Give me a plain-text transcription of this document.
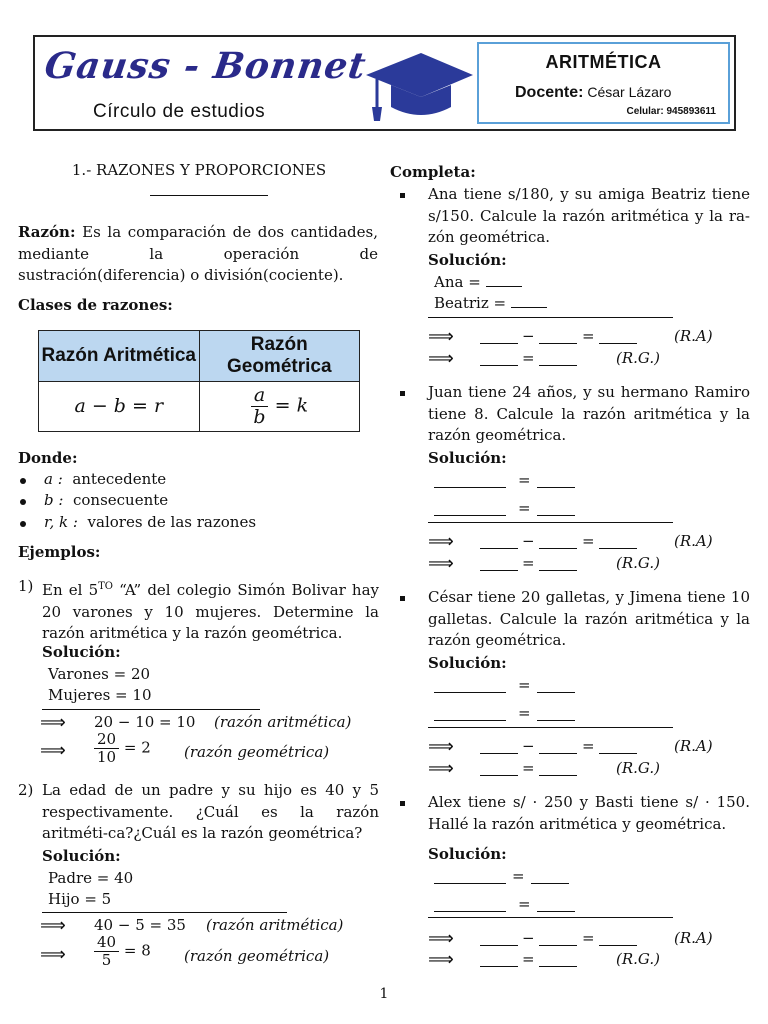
Gauss - Bonnet
Círculo de estudios
ARITMÉTICA
Docente: César Lázaro
Celular: 945893611
1.- RAZONES Y PROPORCIONES
Razón: Es la comparación de dos cantidades, mediante la operación de sustración(diferencia) o división(cociente).
Clases de razones:
Razón Aritmética	Razón Geométrica
a − b = r	$\frac{a}{b} = k$
Donde:
a : antecedente
b : consecuente
r, k : valores de las razones
Ejemplos:
1) En el $5^{TO}$ “A” del colegio Simón Bolivar hay 20 varones y 10 mujeres. Determine la razón aritmética y la razón geométrica.
Solución:
Varones = 20
Mujeres = 10
⟹ 20 − 10 = 10 (razón aritmética)
⟹ $\frac{20}{10} = 2$ (razón geométrica)
2) La edad de un padre y su hijo es 40 y 5 respectivamente. ¿Cuál es la razón aritméti-ca?¿Cuál es la razón geométrica?
Solución:
Padre = 40
Hijo = 5
⟹ 40 − 5 = 35 (razón aritmética)
⟹ $\frac{40}{5} = 8$ (razón geométrica)
Completa:
Ana tiene s/180, y su amiga Beatriz tiene s/150. Calcule la razón aritmética y la ra-zón geométrica.
Solución:
Ana =
Beatriz =
⟹	−	=	(R.A)
⟹	=	(R.G.)
Juan tiene 24 años, y su hermano Ramiro tiene 8. Calcule la razón aritmética y la razón geométrica.
Solución:
=
=
⟹	−	=	(R.A)
⟹	=	(R.G.)
César tiene 20 galletas, y Jimena tiene 10 galletas. Calcule la razón aritmética y la razón geométrica.
Solución:
=
=
⟹	−	=	(R.A)
⟹	=	(R.G.)
Alex tiene s/ · 250 y Basti tiene s/ · 150. Hallé la razón aritmética y geométrica.
Solución:
=
=
⟹	−	=	(R.A)
⟹	=	(R.G.)
1
